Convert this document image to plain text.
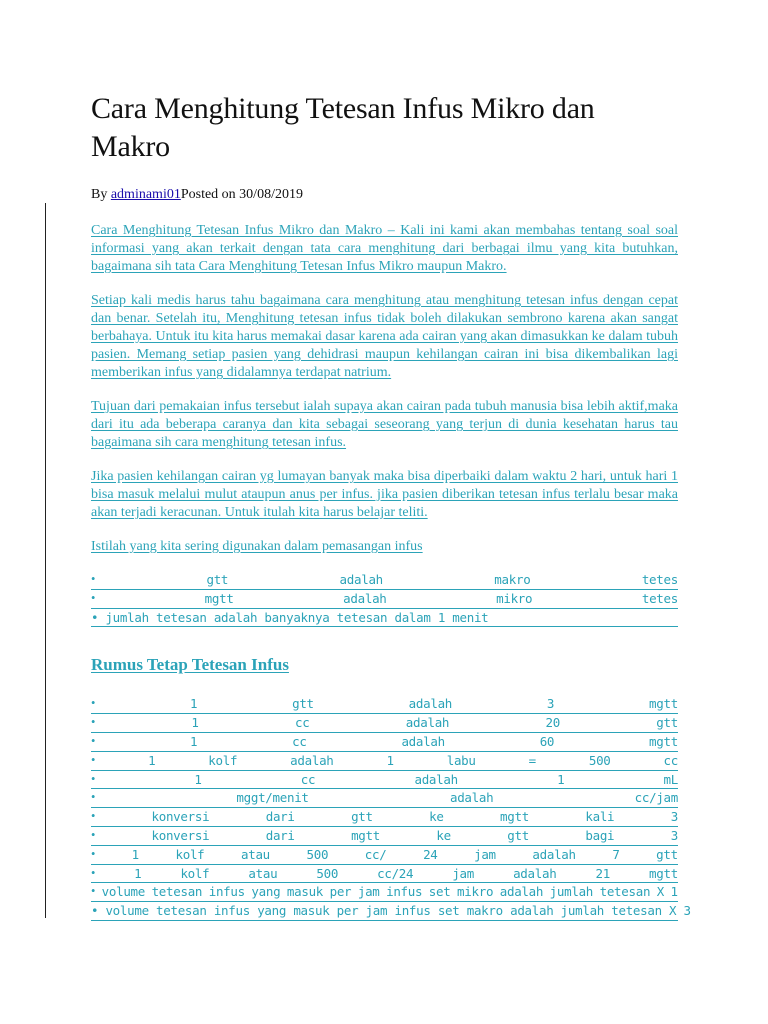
Cara Menghitung Tetesan Infus Mikro dan Makro
By adminami01Posted on 30/08/2019
Cara Menghitung Tetesan Infus Mikro dan Makro – Kali ini kami akan membahas tentang soal soal informasi yang akan terkait dengan tata cara menghitung dari berbagai ilmu yang kita butuhkan, bagaimana sih tata Cara Menghitung Tetesan Infus Mikro maupun Makro.
Setiap kali medis harus tahu bagaimana cara menghitung atau menghitung tetesan infus dengan cepat dan benar. Setelah itu, Menghitung tetesan infus tidak boleh dilakukan sembrono karena akan sangat berbahaya. Untuk itu kita harus memakai dasar karena ada cairan yang akan dimasukkan ke dalam tubuh pasien. Memang setiap pasien yang dehidrasi maupun kehilangan cairan ini bisa dikembalikan lagi memberikan infus yang didalamnya terdapat natrium.
Tujuan dari pemakaian infus tersebut ialah supaya akan cairan pada tubuh manusia bisa lebih aktif,maka dari itu ada beberapa caranya dan kita sebagai seseorang yang terjun di dunia kesehatan harus tau bagaimana sih cara menghitung tetesan infus.
Jika pasien kehilangan cairan yg lumayan banyak maka bisa diperbaiki dalam waktu 2 hari, untuk hari 1 bisa masuk melalui mulut ataupun anus per infus. jika pasien diberikan tetesan infus terlalu besar maka akan terjadi keracunan. Untuk itulah kita harus belajar teliti.
Istilah yang kita sering digunakan dalam pemasangan infus
•	gtt	adalah	makro	tetes
•	mgtt	adalah	mikro	tetes
• jumlah tetesan adalah banyaknya tetesan dalam 1 menit
Rumus Tetap Tetesan Infus
•	1	gtt	adalah	3	mgtt
•	1	cc	adalah	20	gtt
•	1	cc	adalah	60	mgtt
•	1	kolf	adalah	1	labu	=	500	cc
•	1	cc	adalah	1	mL
•	mggt/menit	adalah	cc/jam
•	konversi	dari	gtt	ke	mgtt	kali	3
•	konversi	dari	mgtt	ke	gtt	bagi	3
•	1	kolf	atau	500	cc/	24	jam	adalah	7	gtt
•	1	kolf	atau	500	cc/24	jam	adalah	21	mgtt
• volume tetesan infus yang masuk per jam infus set mikro adalah jumlah tetesan X 1
• volume tetesan infus yang masuk per jam infus set makro adalah jumlah tetesan X 3
